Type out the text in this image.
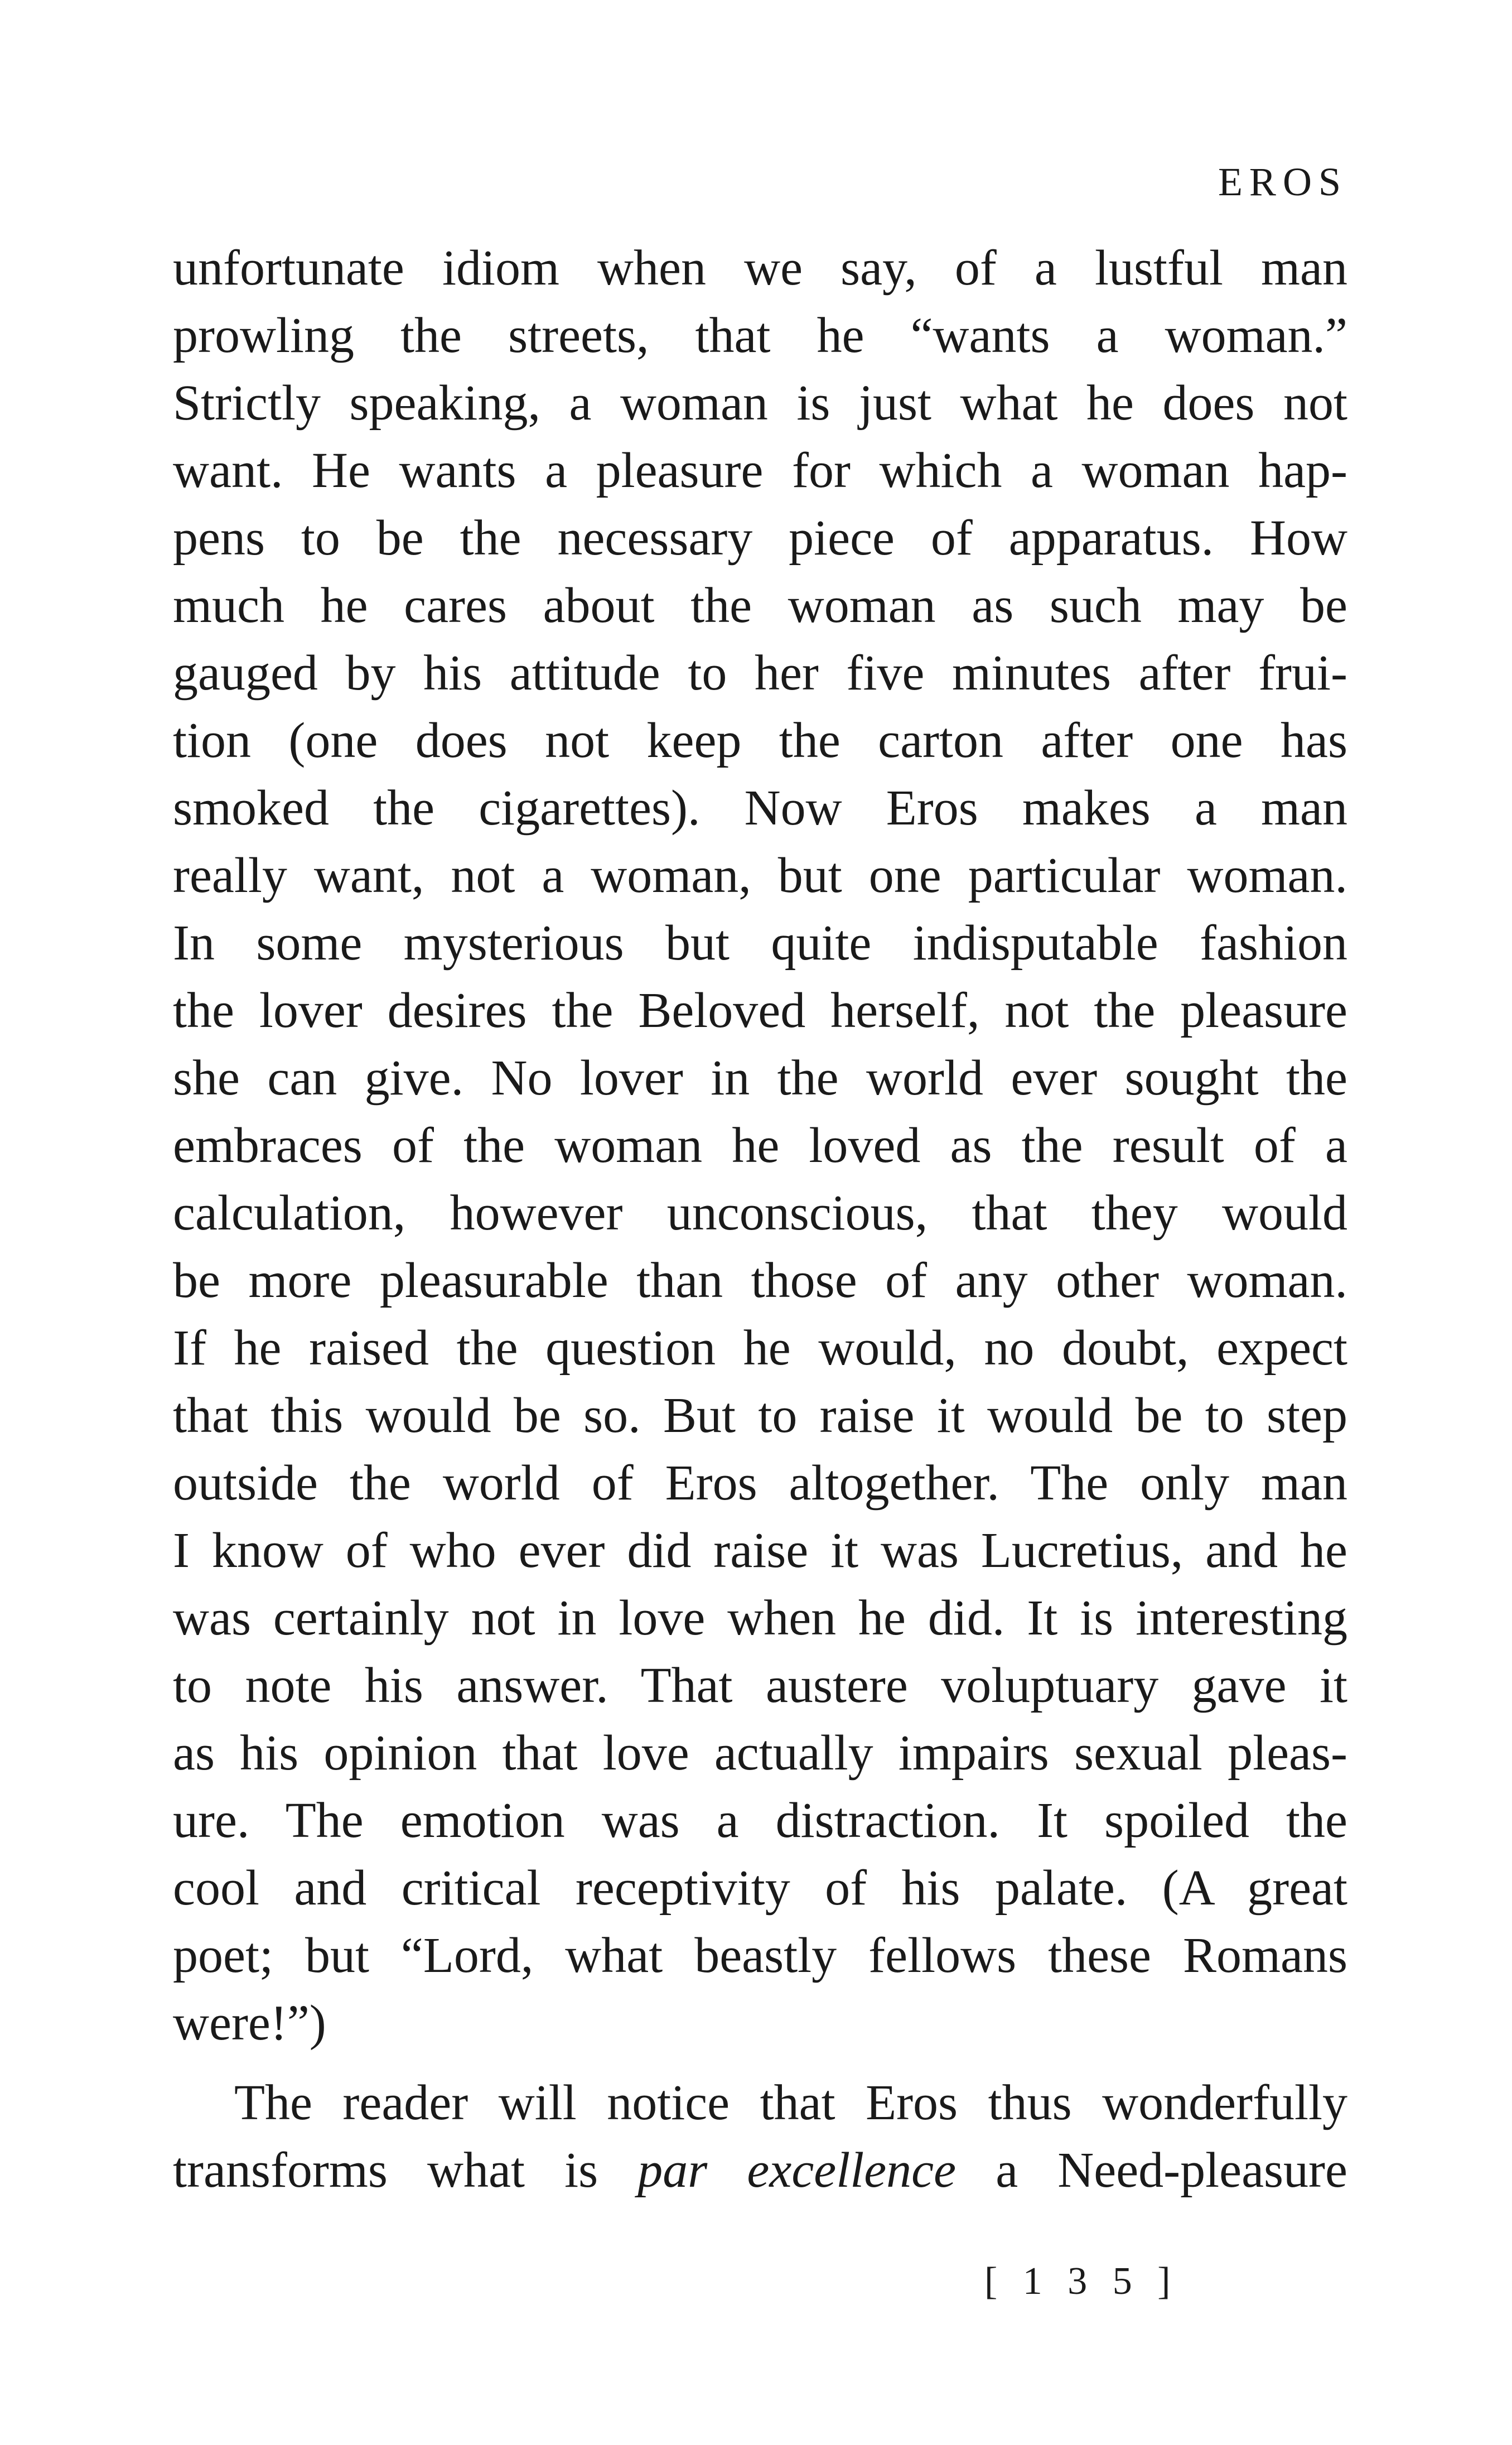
EROS
unfortunate idiom when we say, of a lustful man
prowling the streets, that he “wants a woman.”
Strictly speaking, a woman is just what he does not
want. He wants a pleasure for which a woman hap-
pens to be the necessary piece of apparatus. How
much he cares about the woman as such may be
gauged by his attitude to her five minutes after frui-
tion (one does not keep the carton after one has
smoked the cigarettes). Now Eros makes a man
really want, not a woman, but one particular woman.
In some mysterious but quite indisputable fashion
the lover desires the Beloved herself, not the pleasure
she can give. No lover in the world ever sought the
embraces of the woman he loved as the result of a
calculation, however unconscious, that they would
be more pleasurable than those of any other woman.
If he raised the question he would, no doubt, expect
that this would be so. But to raise it would be to step
outside the world of Eros altogether. The only man
I know of who ever did raise it was Lucretius, and he
was certainly not in love when he did. It is interesting
to note his answer. That austere voluptuary gave it
as his opinion that love actually impairs sexual pleas-
ure. The emotion was a distraction. It spoiled the
cool and critical receptivity of his palate. (A great
poet; but “Lord, what beastly fellows these Romans
were!”)
The reader will notice that Eros thus wonderfully
transforms what is par excellence a Need-pleasure
[ 1 3 5 ]
